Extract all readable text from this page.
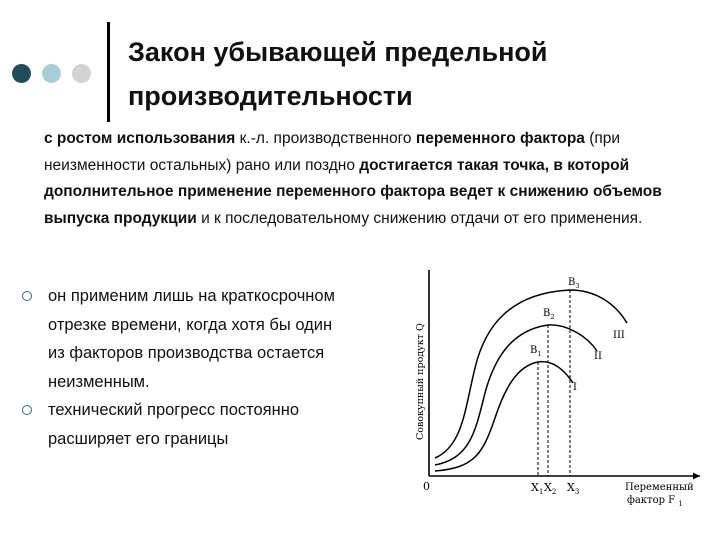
Закон убывающей предельной производительности
с ростом использования к.-л. производственного переменного фактора (при неизменности остальных) рано или поздно достигается такая точка, в которой дополнительное применение переменного фактора ведет к снижению объемов выпуска продукции и к последовательному снижению отдачи от его применения.
он применим лишь на краткосрочном
отрезке времени, когда хотя бы один
из факторов производства остается
неизменным.
технический прогресс постоянно
расширяет его границы	Совокупный продукт Q
0	$X_1$ $X_2$ $X_3$
$B_1$
$B_2$
$B_3$
I
II
III
Переменный
фактор F $_1$
